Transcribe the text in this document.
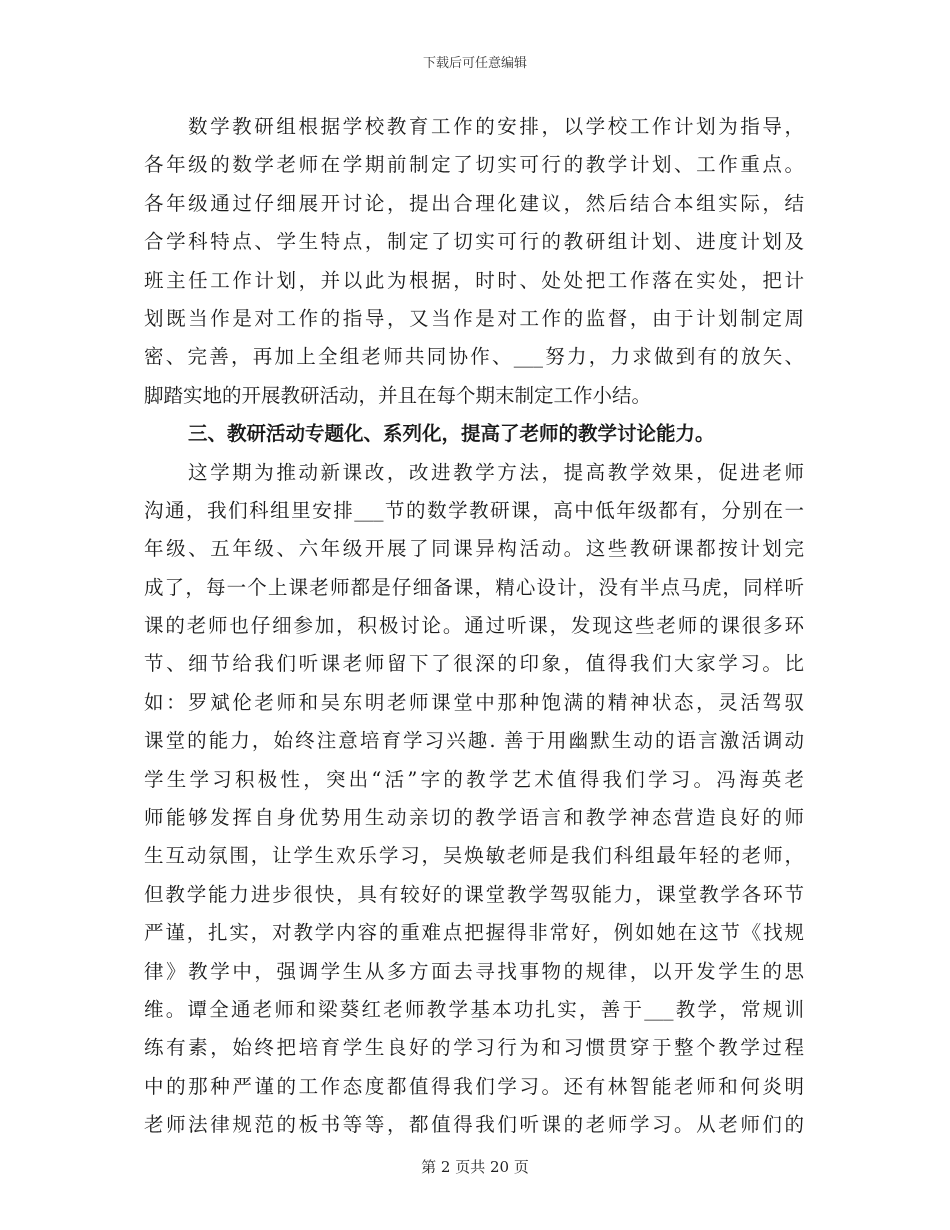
下载后可任意编辑
数学教研组根据学校教育工作的安排，以学校工作计划为指导，
各年级的数学老师在学期前制定了切实可行的教学计划、工作重点。
各年级通过仔细展开讨论，提出合理化建议，然后结合本组实际，结
合学科特点、学生特点，制定了切实可行的教研组计划、进度计划及
班主任工作计划，并以此为根据，时时、处处把工作落在实处，把计
划既当作是对工作的指导，又当作是对工作的监督，由于计划制定周
密、完善，再加上全组老师共同协作、___努力，力求做到有的放矢、
脚踏实地的开展教研活动，并且在每个期末制定工作小结。
三、教研活动专题化、系列化，提高了老师的教学讨论能力。
这学期为推动新课改，改进教学方法，提高教学效果，促进老师
沟通，我们科组里安排___节的数学教研课，高中低年级都有，分别在一
年级、五年级、六年级开展了同课异构活动。这些教研课都按计划完
成了，每一个上课老师都是仔细备课，精心设计，没有半点马虎，同样听
课的老师也仔细参加，积极讨论。通过听课，发现这些老师的课很多环
节、细节给我们听课老师留下了很深的印象，值得我们大家学习。比
如：罗斌伦老师和吴东明老师课堂中那种饱满的精神状态，灵活驾驭
课堂的能力，始终注意培育学习兴趣. 善于用幽默生动的语言激活调动
学生学习积极性，突出“活”字的教学艺术值得我们学习。冯海英老
师能够发挥自身优势用生动亲切的教学语言和教学神态营造良好的师
生互动氛围，让学生欢乐学习，吴焕敏老师是我们科组最年轻的老师，
但教学能力进步很快，具有较好的课堂教学驾驭能力，课堂教学各环节
严谨，扎实，对教学内容的重难点把握得非常好，例如她在这节《找规
律》教学中，强调学生从多方面去寻找事物的规律，以开发学生的思
维。谭全通老师和梁葵红老师教学基本功扎实，善于___教学，常规训
练有素，始终把培育学生良好的学习行为和习惯贯穿于整个教学过程
中的那种严谨的工作态度都值得我们学习。还有林智能老师和何炎明
老师法律规范的板书等等，都值得我们听课的老师学习。从老师们的
第 2 页共 20 页
